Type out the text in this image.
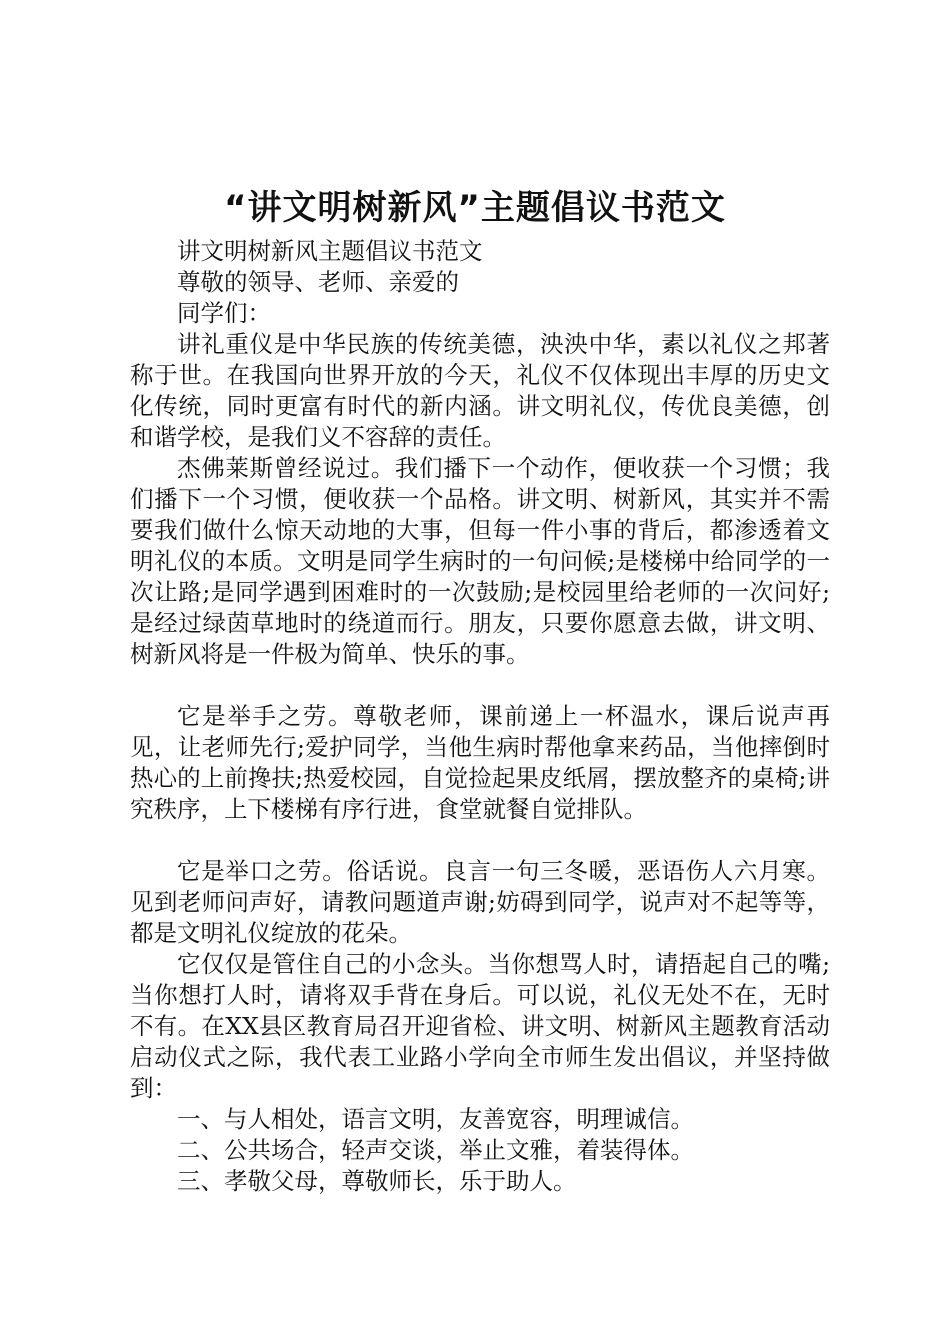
“讲文明树新风”主题倡议书范文

讲文明树新风主题倡议书范文

尊敬的领导、老师、亲爱的

同学们：

讲礼重仪是中华民族的传统美德，泱泱中华，素以礼仪之邦著称于世。在我国向世界开放的今天，礼仪不仅体现出丰厚的历史文化传统，同时更富有时代的新内涵。讲文明礼仪，传优良美德，创和谐学校，是我们义不容辞的责任。

杰佛莱斯曾经说过。我们播下一个动作，便收获一个习惯；我们播下一个习惯，便收获一个品格。讲文明、树新风，其实并不需要我们做什么惊天动地的大事，但每一件小事的背后，都渗透着文明礼仪的本质。文明是同学生病时的一句问候;是楼梯中给同学的一次让路;是同学遇到困难时的一次鼓励;是校园里给老师的一次问好;是经过绿茵草地时的绕道而行。朋友，只要你愿意去做，讲文明、树新风将是一件极为简单、快乐的事。

它是举手之劳。尊敬老师，课前递上一杯温水，课后说声再见，让老师先行;爱护同学，当他生病时帮他拿来药品，当他摔倒时热心的上前搀扶;热爱校园，自觉捡起果皮纸屑，摆放整齐的桌椅;讲究秩序，上下楼梯有序行进，食堂就餐自觉排队。

它是举口之劳。俗话说。良言一句三冬暖，恶语伤人六月寒。见到老师问声好，请教问题道声谢;妨碍到同学，说声对不起等等，都是文明礼仪绽放的花朵。

它仅仅是管住自己的小念头。当你想骂人时，请捂起自己的嘴;当你想打人时，请将双手背在身后。可以说，礼仪无处不在，无时不有。在XX县区教育局召开迎省检、讲文明、树新风主题教育活动启动仪式之际，我代表工业路小学向全市师生发出倡议，并坚持做到：

一、与人相处，语言文明，友善宽容，明理诚信。

二、公共场合，轻声交谈，举止文雅，着装得体。

三、孝敬父母，尊敬师长，乐于助人。
